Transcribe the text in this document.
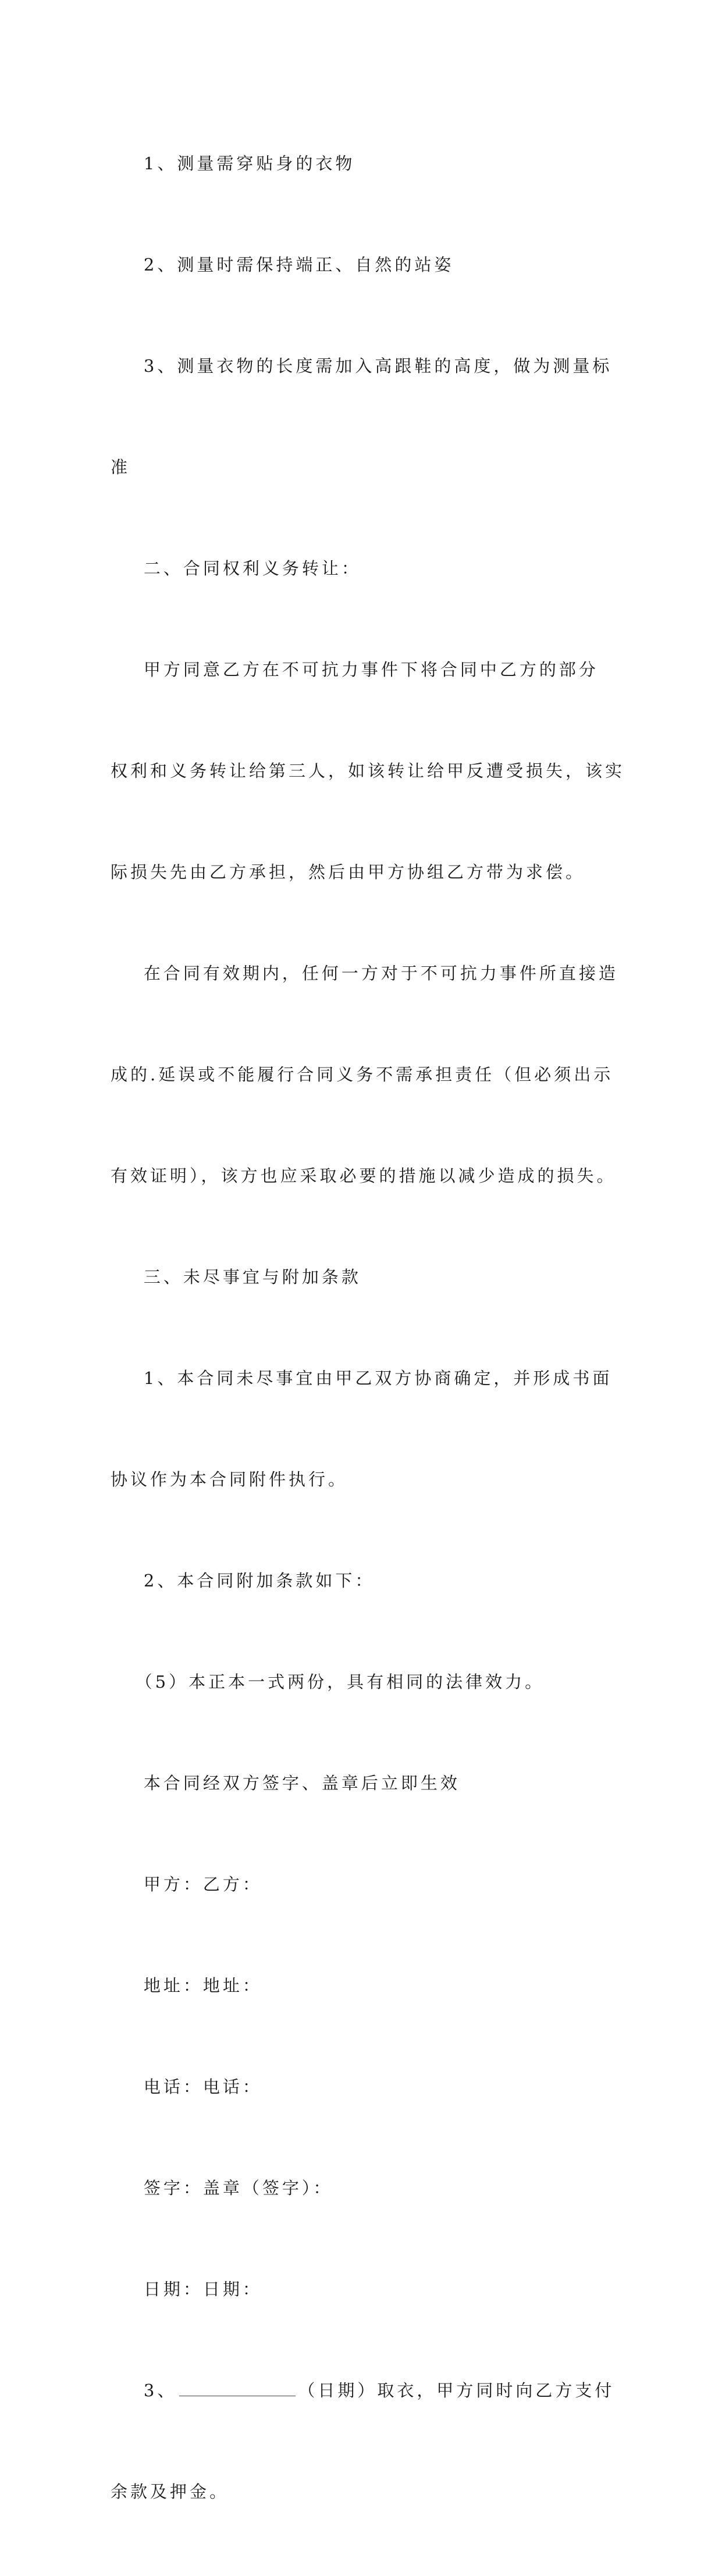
1、测量需穿贴身的衣物

2、测量时需保持端正、自然的站姿

3、测量衣物的长度需加入高跟鞋的高度，做为测量标

准

二、合同权利义务转让：

甲方同意乙方在不可抗力事件下将合同中乙方的部分

权利和义务转让给第三人，如该转让给甲反遭受损失，该实

际损失先由乙方承担，然后由甲方协组乙方带为求偿。

在合同有效期内，任何一方对于不可抗力事件所直接造

成的.延误或不能履行合同义务不需承担责任（但必须出示

有效证明），该方也应采取必要的措施以减少造成的损失。

三、未尽事宜与附加条款

1、本合同未尽事宜由甲乙双方协商确定，并形成书面

协议作为本合同附件执行。

2、本合同附加条款如下：

（5）本正本一式两份，具有相同的法律效力。

本合同经双方签字、盖章后立即生效

甲方：乙方：

地址：地址：

电话：电话：

签字：盖章（签字）：

日期：日期：

3、	（日期）取衣，甲方同时向乙方支付

余款及押金。
